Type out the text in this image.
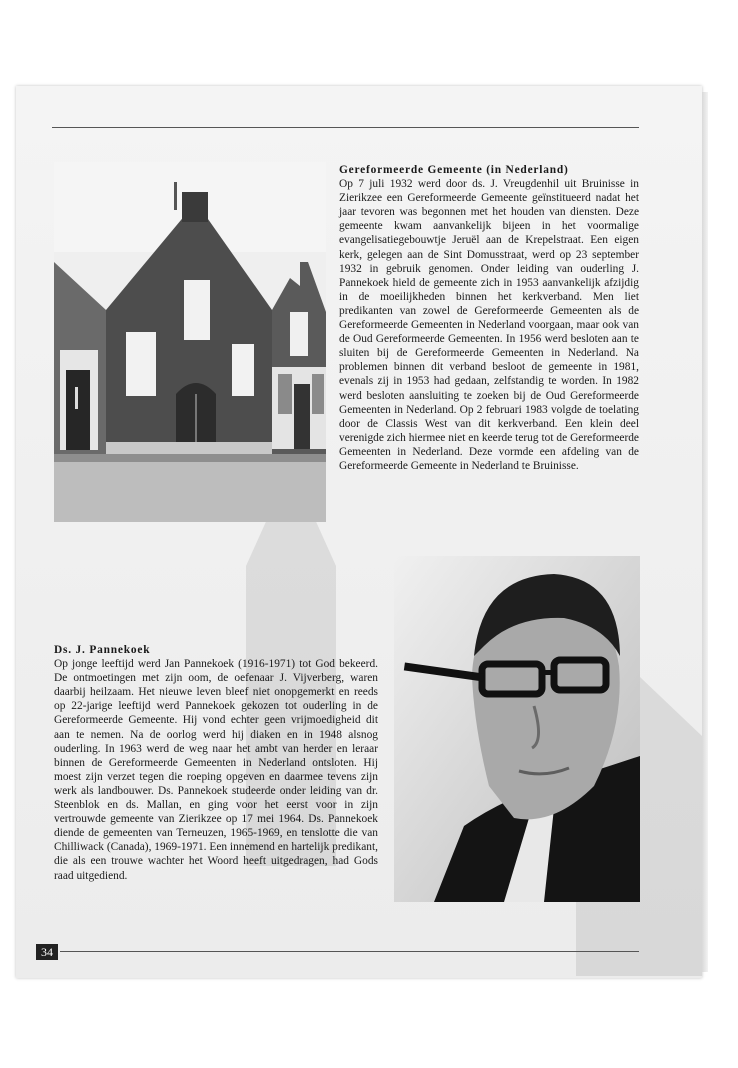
Gereformeerde Gemeente (in Nederland)

Op 7 juli 1932 werd door ds. J. Vreugdenhil uit Bruinisse in Zierikzee een Gereformeerde Gemeente geïnstitueerd nadat het jaar tevoren was begonnen met het houden van diensten. Deze gemeente kwam aanvankelijk bijeen in het voormalige evangelisatiegebouwtje Jeruël aan de Krepelstraat. Een eigen kerk, gelegen aan de Sint Domusstraat, werd op 23 september 1932 in gebruik genomen. Onder leiding van ouderling J. Pannekoek hield de gemeente zich in 1953 aanvankelijk afzijdig in de moeilijkheden binnen het kerkverband. Men liet predikanten van zowel de Gereformeerde Gemeenten als de Gereformeerde Gemeenten in Nederland voorgaan, maar ook van de Oud Gereformeerde Gemeenten. In 1956 werd besloten aan te sluiten bij de Gereformeerde Gemeenten in Nederland. Na problemen binnen dit verband besloot de gemeente in 1981, evenals zij in 1953 had gedaan, zelfstandig te worden. In 1982 werd besloten aansluiting te zoeken bij de Oud Gereformeerde Gemeenten in Nederland. Op 2 februari 1983 volgde de toelating door de Classis West van dit kerkverband. Een klein deel verenigde zich hiermee niet en keerde terug tot de Gereformeerde Gemeenten in Nederland. Deze vormde een afdeling van de Gereformeerde Gemeente in Nederland te Bruinisse.

Ds. J. Pannekoek

Op jonge leeftijd werd Jan Pannekoek (1916-1971) tot God bekeerd. De ontmoetingen met zijn oom, de oefenaar J. Vijverberg, waren daarbij heilzaam. Het nieuwe leven bleef niet onopgemerkt en reeds op 22-jarige leeftijd werd Pannekoek gekozen tot ouderling in de Gereformeerde Gemeente. Hij vond echter geen vrijmoedigheid dit aan te nemen. Na de oorlog werd hij diaken en in 1948 alsnog ouderling. In 1963 werd de weg naar het ambt van herder en leraar binnen de Gereformeerde Gemeenten in Nederland ontsloten. Hij moest zijn verzet tegen die roeping opgeven en daarmee tevens zijn werk als landbouwer. Ds. Pannekoek studeerde onder leiding van dr. Steenblok en ds. Mallan, en ging voor het eerst voor in zijn vertrouwde gemeente van Zierikzee op 17 mei 1964. Ds. Pannekoek diende de gemeenten van Terneuzen, 1965-1969, en tenslotte die van Chilliwack (Canada), 1969-1971. Een innemend en hartelijk predikant, die als een trouwe wachter het Woord heeft uitgedragen, had Gods raad uitgediend.

34
